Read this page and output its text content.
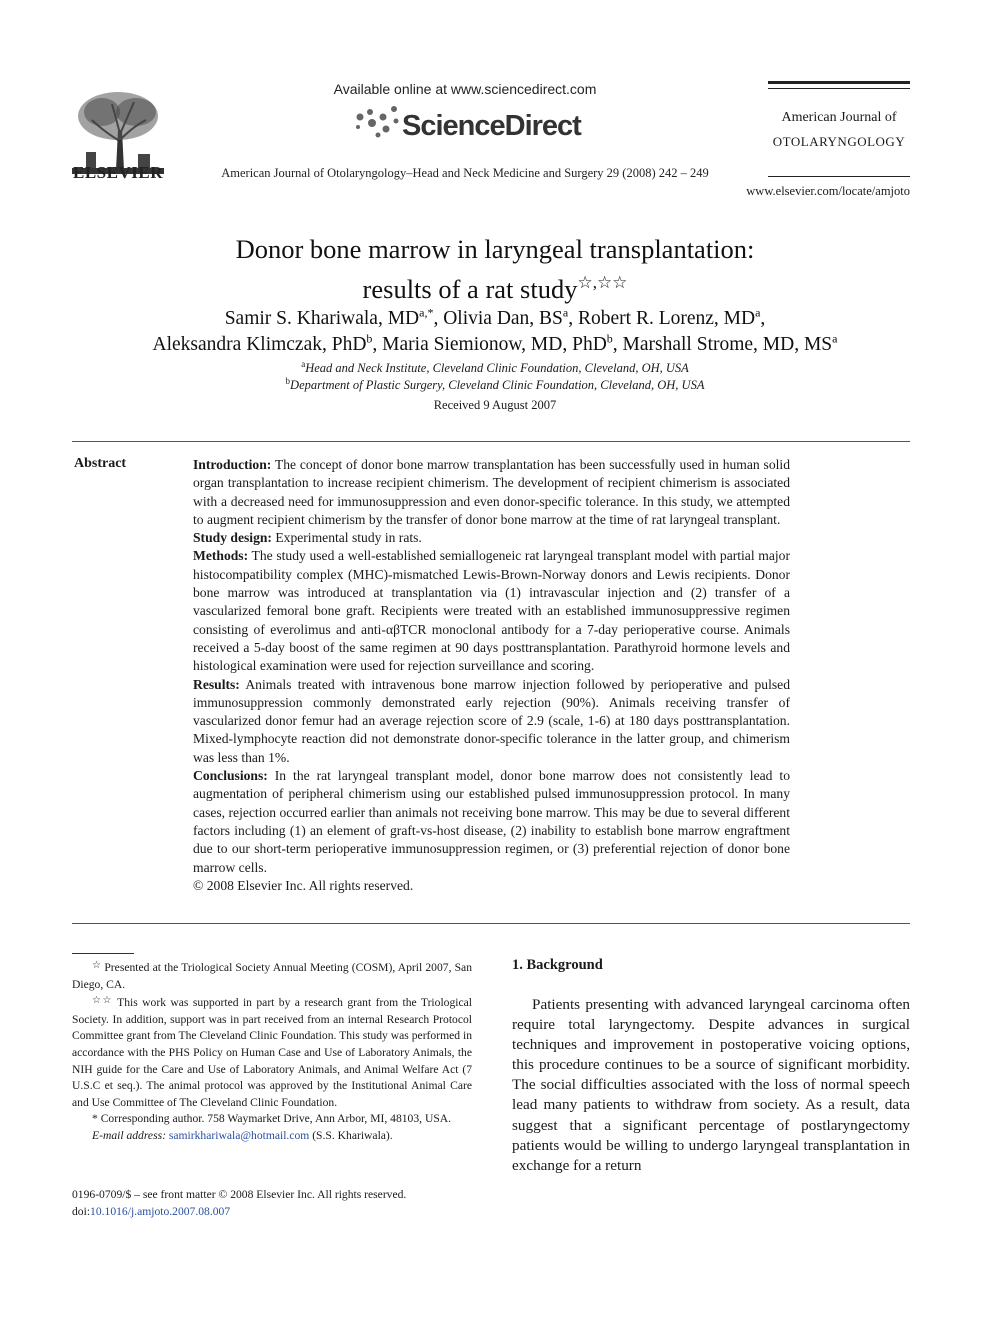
ELSEVIER
Available online at www.sciencedirect.com
ScienceDirect
American Journal of Otolaryngology–Head and Neck Medicine and Surgery 29 (2008) 242 – 249
American Journal of
OTOLARYNGOLOGY
www.elsevier.com/locate/amjoto
Donor bone marrow in laryngeal transplantation:
results of a rat study☆,☆☆
Samir S. Khariwala, $MD^{a,*}$, Olivia Dan, $BS^a$, Robert R. Lorenz, $MD^a$,
Aleksandra Klimczak, PhD$^b$, Maria Siemionow, MD, PhD$^b$, Marshall Strome, MD, $MS^a$
$^a$Head and Neck Institute, Cleveland Clinic Foundation, Cleveland, OH, USA
$^b$Department of Plastic Surgery, Cleveland Clinic Foundation, Cleveland, OH, USA
Received 9 August 2007
Abstract	Introduction: The concept of donor bone marrow transplantation has been successfully used in human solid organ transplantation to increase recipient chimerism. The development of recipient chimerism is associated with a decreased need for immunosuppression and even donor-specific tolerance. In this study, we attempted to augment recipient chimerism by the transfer of donor bone marrow at the time of rat laryngeal transplant.

Study design: Experimental study in rats.

Methods: The study used a well-established semiallogeneic rat laryngeal transplant model with partial major histocompatibility complex (MHC)-mismatched Lewis-Brown-Norway donors and Lewis recipients. Donor bone marrow was introduced at transplantation via (1) intravascular injection and (2) transfer of a vascularized femoral bone graft. Recipients were treated with an established immunosuppressive regimen consisting of everolimus and anti-αβTCR monoclonal antibody for a 7-day perioperative course. Animals received a 5-day boost of the same regimen at 90 days posttransplantation. Parathyroid hormone levels and histological examination were used for rejection surveillance and scoring.

Results: Animals treated with intravenous bone marrow injection followed by perioperative and pulsed immunosuppression commonly demonstrated early rejection (90%). Animals receiving transfer of vascularized donor femur had an average rejection score of 2.9 (scale, 1-6) at 180 days posttransplantation. Mixed-lymphocyte reaction did not demonstrate donor-specific tolerance in the latter group, and chimerism was less than 1%.

Conclusions: In the rat laryngeal transplant model, donor bone marrow does not consistently lead to augmentation of peripheral chimerism using our established pulsed immunosuppression protocol. In many cases, rejection occurred earlier than animals not receiving bone marrow. This may be due to several different factors including (1) an element of graft-vs-host disease, (2) inability to establish bone marrow engraftment due to our short-term perioperative immunosuppression regimen, or (3) preferential rejection of donor bone marrow cells.

© 2008 Elsevier Inc. All rights reserved.

☆ Presented at the Triological Society Annual Meeting (COSM), April 2007, San Diego, CA.

☆☆ This work was supported in part by a research grant from the Triological Society. In addition, support was in part received from an internal Research Protocol Committee grant from The Cleveland Clinic Foundation. This study was performed in accordance with the PHS Policy on Human Case and Use of Laboratory Animals, the NIH guide for the Care and Use of Laboratory Animals, and Animal Welfare Act (7 U.S.C et seq.). The animal protocol was approved by the Institutional Animal Care and Use Committee of The Cleveland Clinic Foundation.

* Corresponding author. 758 Waymarket Drive, Ann Arbor, MI, 48103, USA.

E-mail address: samirkhariwala@hotmail.com (S.S. Khariwala).

0196-0709/$ – see front matter © 2008 Elsevier Inc. All rights reserved.

doi:10.1016/j.amjoto.2007.08.007

1. Background

Patients presenting with advanced laryngeal carcinoma often require total laryngectomy. Despite advances in surgical techniques and improvement in postoperative voicing options, this procedure continues to be a source of significant morbidity. The social difficulties associated with the loss of normal speech lead many patients to withdraw from society. As a result, data suggest that a significant percentage of postlaryngectomy patients would be willing to undergo laryngeal transplantation in exchange for a return
